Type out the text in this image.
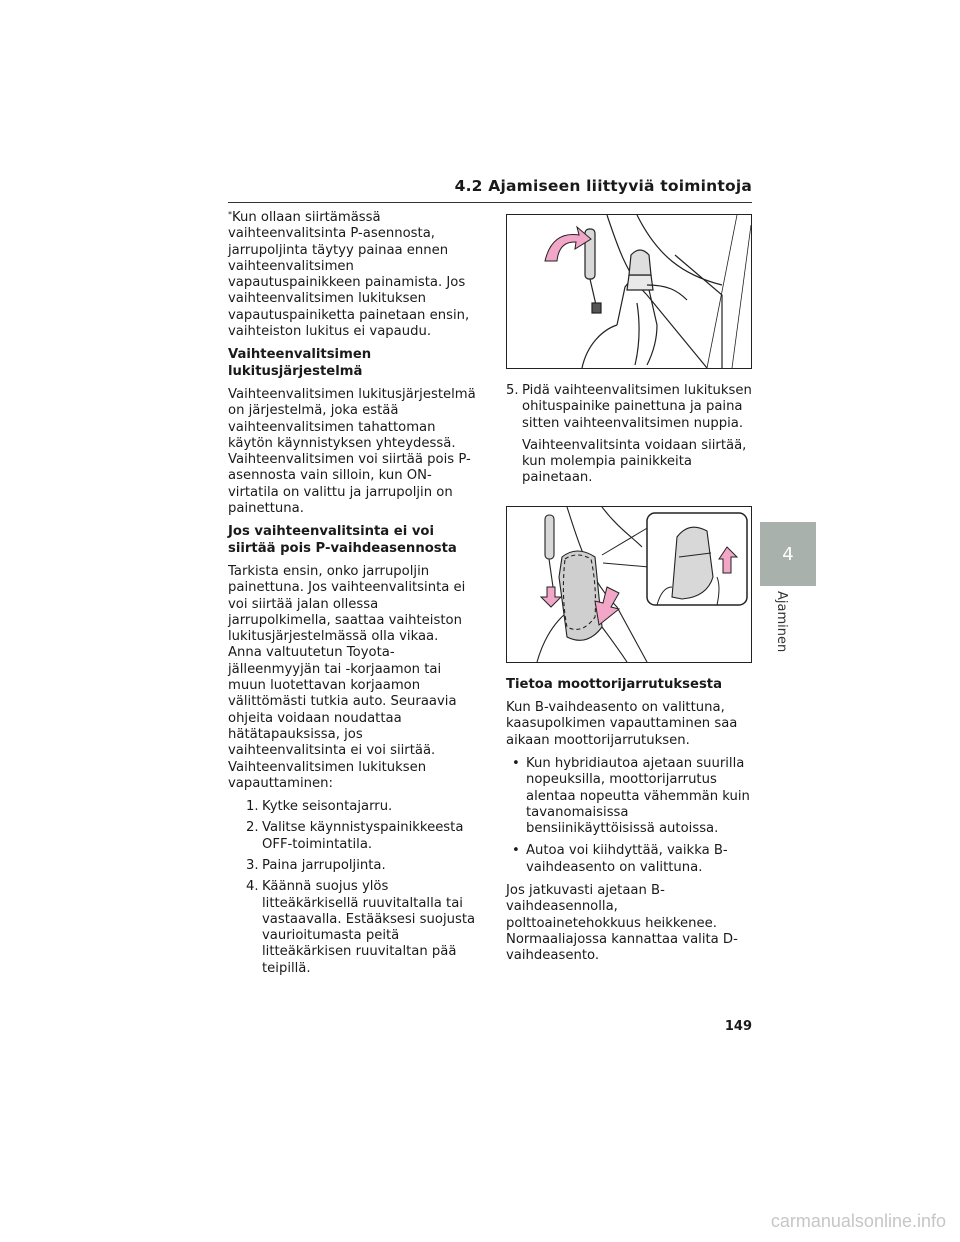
4.2 Ajamiseen liittyviä toimintoja

*Kun ollaan siirtämässä vaihteenvalitsinta P-asennosta, jarrupoljinta täytyy painaa ennen vaihteenvalitsimen vapautuspainikkeen painamista. Jos vaihteenvalitsimen lukituksen vapautuspainiketta painetaan ensin, vaihteiston lukitus ei vapaudu.

Vaihteenvalitsimen lukitusjärjestelmä

Vaihteenvalitsimen lukitusjärjestelmä on järjestelmä, joka estää vaihteenvalitsimen tahattoman käytön käynnistyksen yhteydessä. Vaihteenvalitsimen voi siirtää pois P-asennosta vain silloin, kun ON-virtatila on valittu ja jarrupoljin on painettuna.

Jos vaihteenvalitsinta ei voi siirtää pois P-vaihdeasennosta

Tarkista ensin, onko jarrupoljin painettuna. Jos vaihteenvalitsinta ei voi siirtää jalan ollessa jarrupolkimella, saattaa vaihteiston lukitusjärjestelmässä olla vikaa. Anna valtuutetun Toyota-jälleenmyyjän tai -korjaamon tai muun luotettavan korjaamon välittömästi tutkia auto. Seuraavia ohjeita voidaan noudattaa hätätapauksissa, jos vaihteenvalitsinta ei voi siirtää. Vaihteenvalitsimen lukituksen vapauttaminen:

1. Kytke seisontajarru.

2. Valitse käynnistyspainikkeesta OFF-toimintatila.

3. Paina jarrupoljinta.

4. Käännä suojus ylös litteäkärkisellä ruuvitaltalla tai vastaavalla. Estääksesi suojusta vaurioitumasta peitä litteäkärkisen ruuvitaltan pää teipillä.

5. Pidä vaihteenvalitsimen lukituksen ohituspainike painettuna ja paina sitten vaihteenvalitsimen nuppia.

Vaihteenvalitsinta voidaan siirtää, kun molempia painikkeita painetaan.

Tietoa moottorijarrutuksesta

Kun B-vaihdeasento on valittuna, kaasupolkimen vapauttaminen saa aikaan moottorijarrutuksen.

• Kun hybridiautoa ajetaan suurilla nopeuksilla, moottorijarrutus alentaa nopeutta vähemmän kuin tavanomaisissa bensiinikäyttöisissä autoissa.
• Autoa voi kiihdyttää, vaikka B-vaihdeasento on valittuna.

Jos jatkuvasti ajetaan B-vaihdeasennolla, polttoainetehokkuus heikkenee. Normaaliajossa kannattaa valita D-vaihdeasento.

4
Ajaminen
149
carmanualsonline.info
